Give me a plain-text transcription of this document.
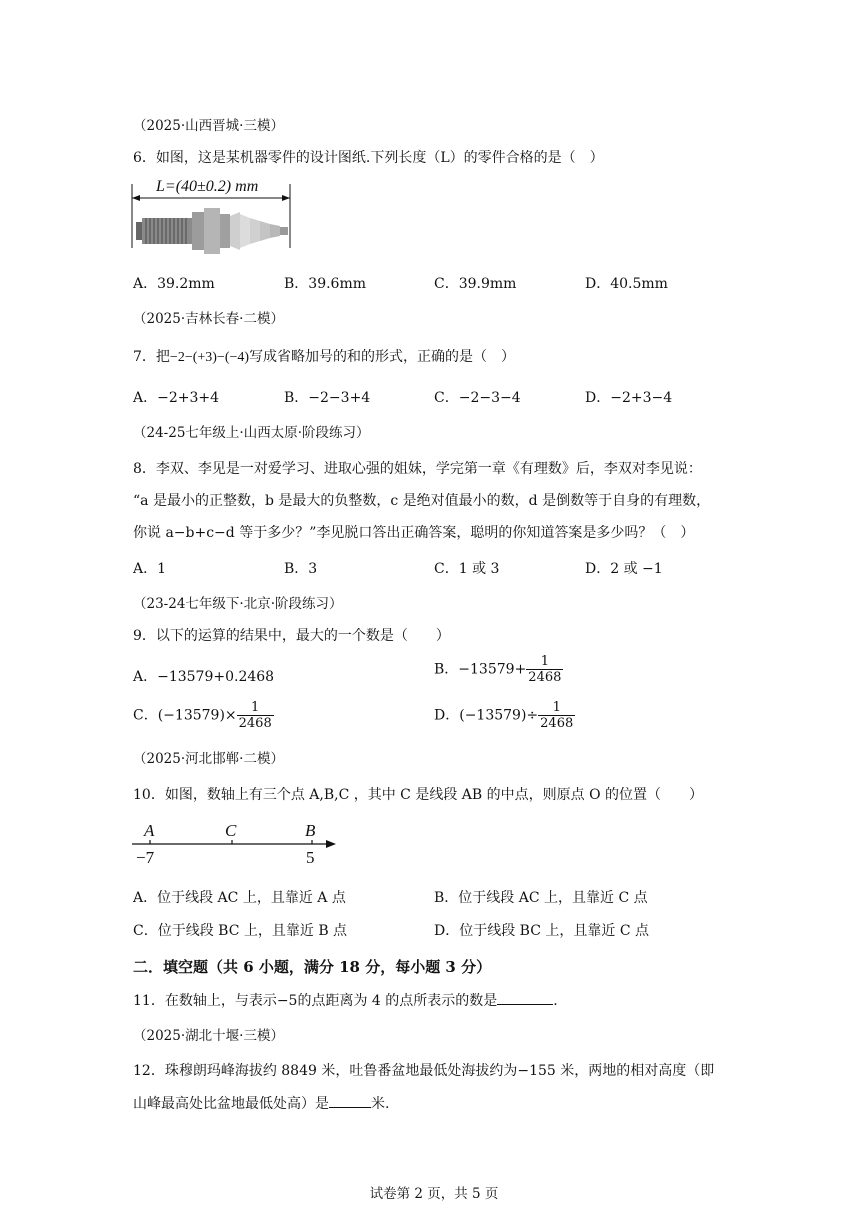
（2025·山西晋城·三模）
6．如图，这是某机器零件的设计图纸.下列长度（L）的零件合格的是（　）
L=(40±0.2) mm
A．39.2mm	B．39.6mm	C．39.9mm	D．40.5mm
（2025·吉林长春·二模）
7．把−2−(+3)−(−4)写成省略加号的和的形式，正确的是（　）
A．−2+3+4	B．−2−3+4	C．−2−3−4	D．−2+3−4
（24-25七年级上·山西太原·阶段练习）
8．李双、李见是一对爱学习、进取心强的姐妹，学完第一章《有理数》后，李双对李见说：
“a 是最小的正整数，b 是最大的负整数，c 是绝对值最小的数，d 是倒数等于自身的有理数，
你说 a−b+c−d 等于多少？”李见脱口答出正确答案，聪明的你知道答案是多少吗？（　）
A．1	B．3	C．1 或 3	D．2 或 −1
（23-24七年级下·北京·阶段练习）
9．以下的运算的结果中，最大的一个数是（　　）
A．−13579+0.2468	B．$-13579+ \frac{1}{2468}$
C．$(-13579)\times \frac{1}{2468}$	D．$(-13579)\div \frac{1}{2468}$
（2025·河北邯郸·二模）
10．如图，数轴上有三个点 A,B,C ，其中 C 是线段 AB 的中点，则原点 O 的位置（　　）
A	C	B
−7	5
A．位于线段 AC 上，且靠近 A 点	B．位于线段 AC 上，且靠近 C 点
C．位于线段 BC 上，且靠近 B 点	D．位于线段 BC 上，且靠近 C 点
二．填空题（共 6 小题，满分 18 分，每小题 3 分）
11．在数轴上，与表示−5的点距离为 4 的点所表示的数是	.
（2025·湖北十堰·三模）
12．珠穆朗玛峰海拔约 8849 米，吐鲁番盆地最低处海拔约为−155 米，两地的相对高度（即
山峰最高处比盆地最低处高）是	米.
试卷第 2 页，共 5 页
